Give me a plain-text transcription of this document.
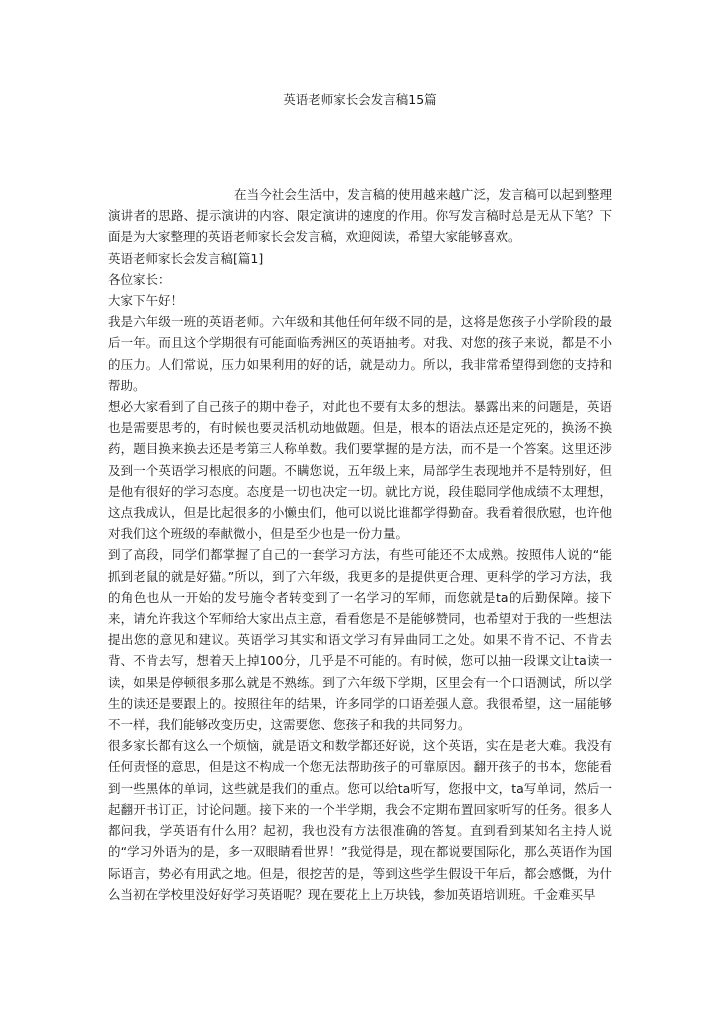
英语老师家长会发言稿15篇

在当今社会生活中，发言稿的使用越来越广泛，发言稿可以起到整理演讲者的思路、提示演讲的内容、限定演讲的速度的作用。你写发言稿时总是无从下笔？下面是为大家整理的英语老师家长会发言稿，欢迎阅读，希望大家能够喜欢。

英语老师家长会发言稿[篇1]

各位家长：

大家下午好！

我是六年级一班的英语老师。六年级和其他任何年级不同的是，这将是您孩子小学阶段的最后一年。而且这个学期很有可能面临秀洲区的英语抽考。对我、对您的孩子来说，都是不小的压力。人们常说，压力如果利用的好的话，就是动力。所以，我非常希望得到您的支持和帮助。

想必大家看到了自己孩子的期中卷子，对此也不要有太多的想法。暴露出来的问题是，英语也是需要思考的，有时候也要灵活机动地做题。但是，根本的语法点还是定死的，换汤不换药，题目换来换去还是考第三人称单数。我们要掌握的是方法，而不是一个答案。这里还涉及到一个英语学习根底的问题。不瞒您说，五年级上来，局部学生表现地并不是特别好，但是他有很好的学习态度。态度是一切也决定一切。就比方说，段佳聪同学他成绩不太理想，这点我成认，但是比起很多的小懒虫们，他可以说比谁都学得勤奋。我看着很欣慰，也许他对我们这个班级的奉献微小，但是至少也是一份力量。

到了高段，同学们都掌握了自己的一套学习方法，有些可能还不太成熟。按照伟人说的“能抓到老鼠的就是好猫。”所以，到了六年级，我更多的是提供更合理、更科学的学习方法，我的角色也从一开始的发号施令者转变到了一名学习的军师，而您就是ta的后勤保障。接下来，请允许我这个军师给大家出点主意，看看您是不是能够赞同，也希望对于我的一些想法提出您的意见和建议。英语学习其实和语文学习有异曲同工之处。如果不肯不记、不肯去背、不肯去写，想着天上掉100分，几乎是不可能的。有时候，您可以抽一段课文让ta读一读，如果是停顿很多那么就是不熟练。到了六年级下学期，区里会有一个口语测试，所以学生的读还是要跟上的。按照往年的结果，许多同学的口语差强人意。我很希望，这一届能够不一样，我们能够改变历史，这需要您、您孩子和我的共同努力。

很多家长都有这么一个烦恼，就是语文和数学都还好说，这个英语，实在是老大难。我没有任何责怪的意思，但是这不构成一个您无法帮助孩子的可靠原因。翻开孩子的书本，您能看到一些黑体的单词，这些就是我们的重点。您可以给ta听写，您报中文，ta写单词，然后一起翻开书订正，讨论问题。接下来的一个半学期，我会不定期布置回家听写的任务。很多人都问我，学英语有什么用？起初，我也没有方法很准确的答复。直到看到某知名主持人说的“学习外语为的是，多一双眼睛看世界！”我觉得是，现在都说要国际化，那么英语作为国际语言，势必有用武之地。但是，很挖苦的是，等到这些学生假设干年后，都会感慨，为什么当初在学校里没好好学习英语呢？现在要花上上万块钱，参加英语培训班。千金难买早
